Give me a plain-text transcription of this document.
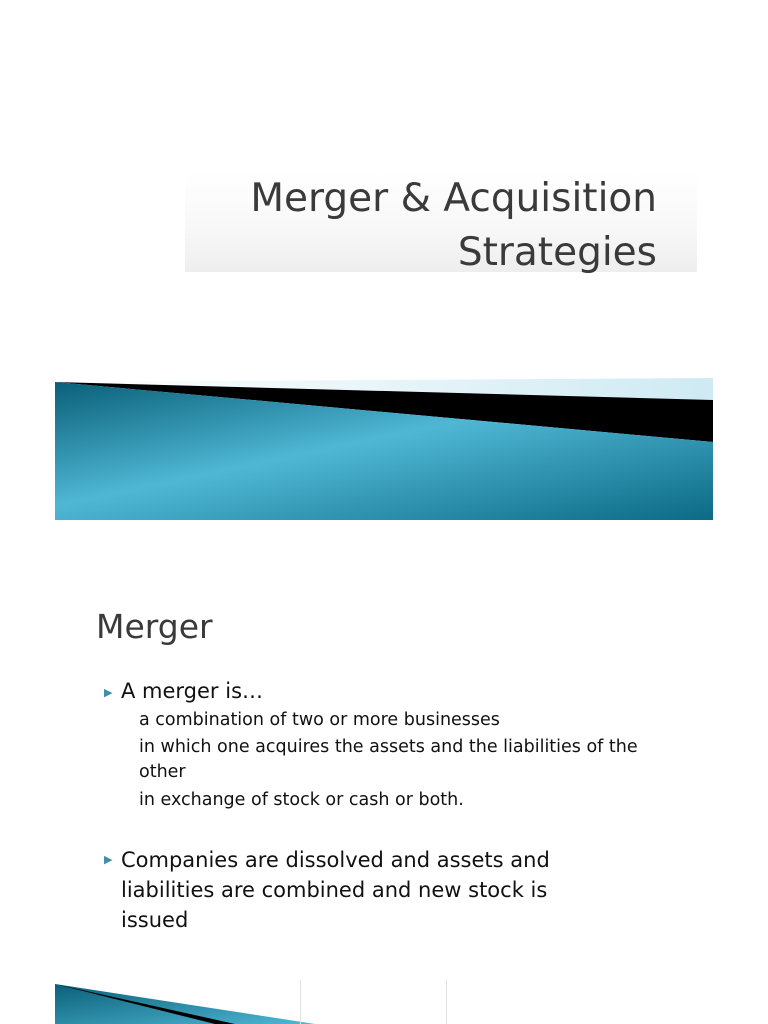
Merger & Acquisition
Strategies
Merger
▶ A merger is…
a combination of two or more businesses
in which one acquires the assets and the liabilities of the other
in exchange of stock or cash or both.
▶ Companies are dissolved and assets and
liabilities are combined and new stock is
issued
